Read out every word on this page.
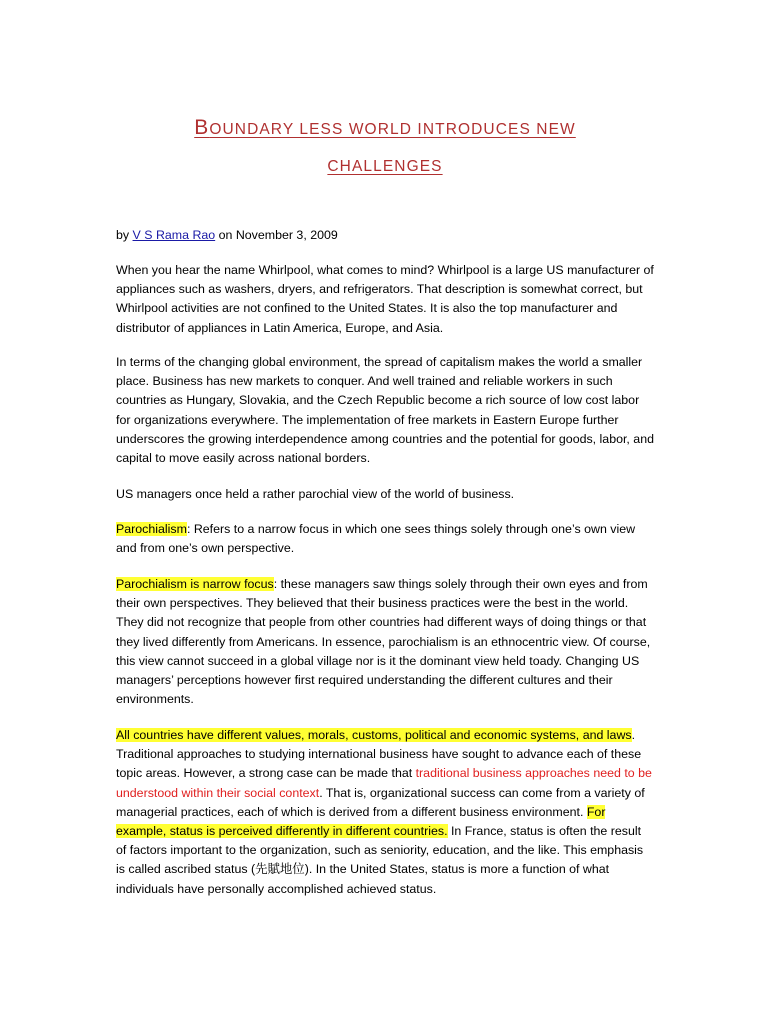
BOUNDARY LESS WORLD INTRODUCES NEW
CHALLENGES
by V S Rama Rao on November 3, 2009

When you hear the name Whirlpool, what comes to mind? Whirlpool is a large US manufacturer of appliances such as washers, dryers, and refrigerators. That description is somewhat correct, but Whirlpool activities are not confined to the United States. It is also the top manufacturer and distributor of appliances in Latin America, Europe, and Asia.

In terms of the changing global environment, the spread of capitalism makes the world a smaller place. Business has new markets to conquer. And well trained and reliable workers in such countries as Hungary, Slovakia, and the Czech Republic become a rich source of low cost labor for organizations everywhere. The implementation of free markets in Eastern Europe further underscores the growing interdependence among countries and the potential for goods, labor, and capital to move easily across national borders.

US managers once held a rather parochial view of the world of business.

Parochialism: Refers to a narrow focus in which one sees things solely through one’s own view and from one’s own perspective.

Parochialism is narrow focus: these managers saw things solely through their own eyes and from their own perspectives. They believed that their business practices were the best in the world. They did not recognize that people from other countries had different ways of doing things or that they lived differently from Americans. In essence, parochialism is an ethnocentric view. Of course, this view cannot succeed in a global village nor is it the dominant view held toady. Changing US managers’ perceptions however first required understanding the different cultures and their environments.

All countries have different values, morals, customs, political and economic systems, and laws. Traditional approaches to studying international business have sought to advance each of these topic areas. However, a strong case can be made that traditional business approaches need to be understood within their social context. That is, organizational success can come from a variety of managerial practices, each of which is derived from a different business environment. For example, status is perceived differently in different countries. In France, status is often the result of factors important to the organization, such as seniority, education, and the like. This emphasis is called ascribed status (先賦地位). In the United States, status is more a function of what individuals have personally accomplished achieved status.
